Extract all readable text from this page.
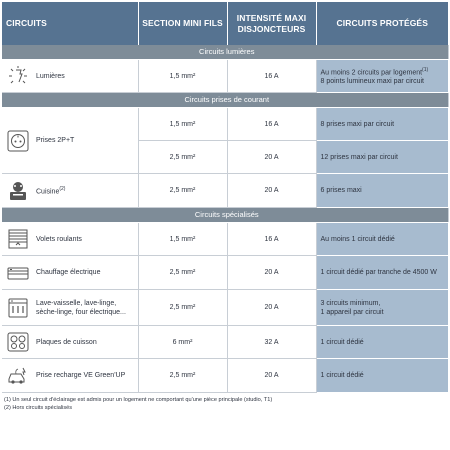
CIRCUITS	SECTION MINI FILS	INTENSITÉ MAXI DISJONCTEURS	CIRCUITS PROTÉGÉS
Circuits lumières			

Lumières	1,5 mm²	16 A	Au moins 2 circuits par logement$^{(1)}$
8 points lumineux maxi par circuit

Circuits prises de courant			

Prises 2P+T	1,5 mm²	16 A	8 prises maxi par circuit
	2,5 mm²	20 A	12 prises maxi par circuit

Cuisine$^{(2)}$	2,5 mm²	20 A	6 prises maxi
Circuits spécialisés			

Volets roulants	1,5 mm²	16 A	Au moins 1 circuit dédié

Chauffage électrique	2,5 mm²	20 A	1 circuit dédié par tranche de 4500 W

Lave-vaisselle, lave-linge, sèche-linge, four électrique...	2,5 mm²	20 A	3 circuits minimum,
1 appareil par circuit

Plaques de cuisson	6 mm²	32 A	1 circuit dédié

Prise recharge VE Green'UP	2,5 mm²	20 A	1 circuit dédié
(1) Un seul circuit d'éclairage est admis pour un logement ne comportant qu'une pièce principale (studio, T1)
(2) Hors circuits spécialisés
